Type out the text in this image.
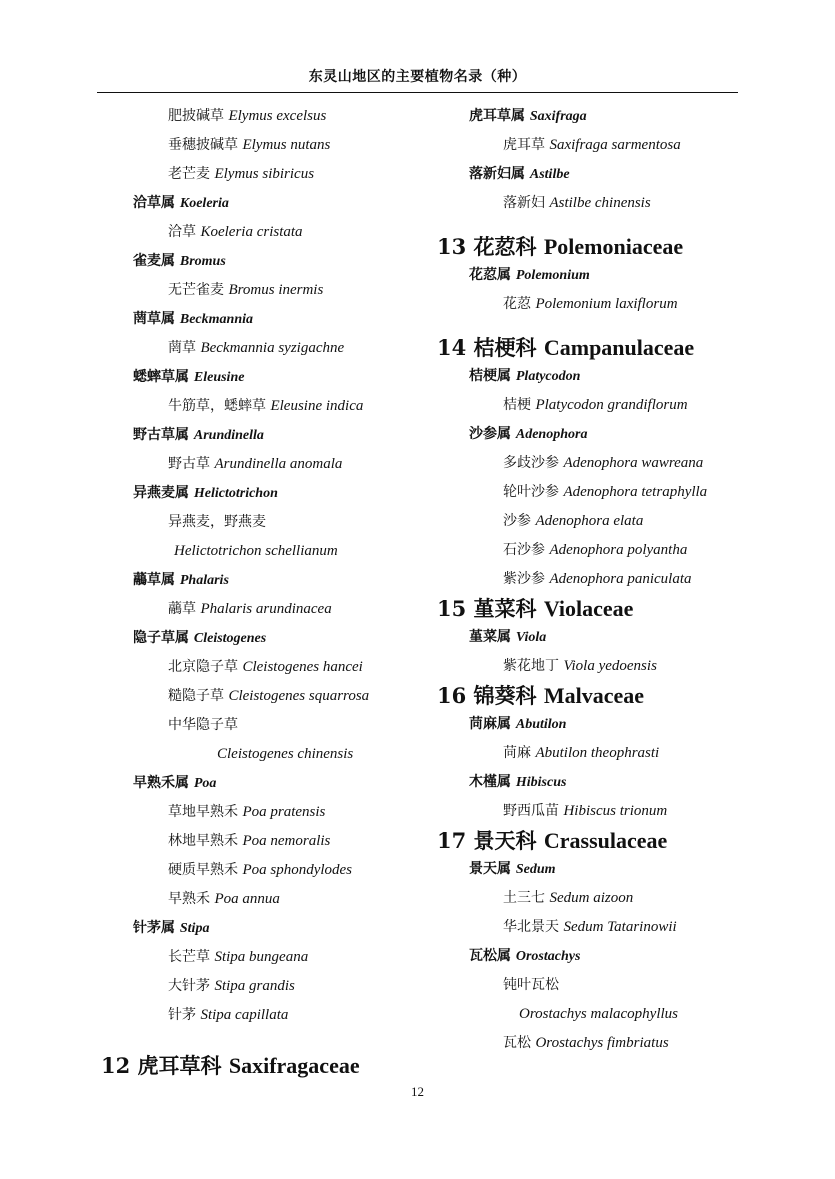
东灵山地区的主要植物名录（种）
肥披碱草 Elymus excelsus
垂穗披碱草 Elymus nutans
老芒麦 Elymus sibiricus
洽草属 Koeleria
洽草 Koeleria cristata
雀麦属 Bromus
无芒雀麦 Bromus inermis
菵草属 Beckmannia
菵草 Beckmannia syzigachne
蟋蟀草属 Eleusine
牛筋草，蟋蟀草 Eleusine indica
野古草属 Arundinella
野古草 Arundinella anomala
异燕麦属 Helictotrichon
异燕麦，野燕麦
Helictotrichon schellianum
虉草属 Phalaris
虉草 Phalaris arundinacea
隐子草属 Cleistogenes
北京隐子草 Cleistogenes hancei
糙隐子草 Cleistogenes squarrosa
中华隐子草
Cleistogenes chinensis
早熟禾属 Poa
草地早熟禾 Poa pratensis
林地早熟禾 Poa nemoralis
硬质早熟禾 Poa sphondylodes
早熟禾 Poa annua
针茅属 Stipa
长芒草 Stipa bungeana
大针茅 Stipa grandis
针茅 Stipa capillata
虎耳草属 Saxifraga
虎耳草 Saxifraga sarmentosa
落新妇属 Astilbe
落新妇 Astilbe chinensis
13 花荵科 Polemoniaceae
花荵属 Polemonium
花荵 Polemonium laxiflorum
14 桔梗科 Campanulaceae
桔梗属 Platycodon
桔梗 Platycodon grandiflorum
沙参属 Adenophora
多歧沙参 Adenophora wawreana
轮叶沙参 Adenophora tetraphylla
沙参 Adenophora elata
石沙参 Adenophora polyantha
紫沙参 Adenophora paniculata
15 堇菜科 Violaceae
堇菜属 Viola
紫花地丁 Viola yedoensis
16 锦葵科 Malvaceae
苘麻属 Abutilon
苘麻 Abutilon theophrasti
木槿属 Hibiscus
野西瓜苗 Hibiscus trionum
17 景天科 Crassulaceae
景天属 Sedum
土三七 Sedum aizoon
华北景天 Sedum Tatarinowii
瓦松属 Orostachys
钝叶瓦松
Orostachys malacophyllus
瓦松 Orostachys fimbriatus
12 虎耳草科 Saxifragaceae
12
